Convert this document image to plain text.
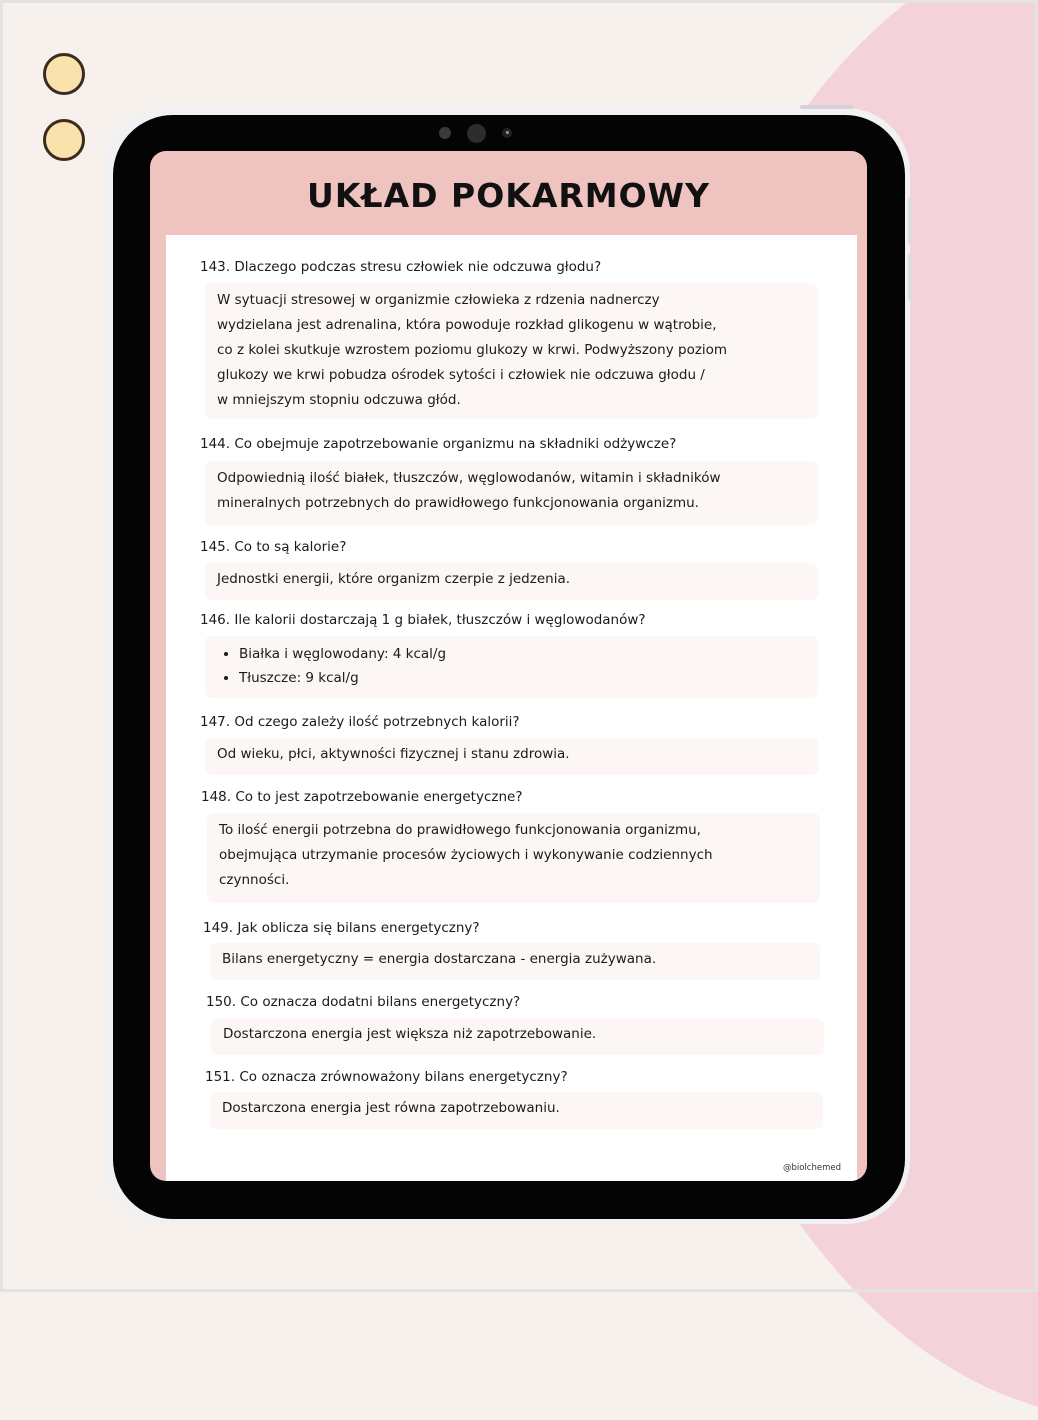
UKŁAD POKARMOWY
143. Dlaczego podczas stresu człowiek nie odczuwa głodu?
W sytuacji stresowej w organizmie człowieka z rdzenia nadnerczy
wydzielana jest adrenalina, która powoduje rozkład glikogenu w wątrobie,
co z kolei skutkuje wzrostem poziomu glukozy w krwi. Podwyższony poziom
glukozy we krwi pobudza ośrodek sytości i człowiek nie odczuwa głodu /
w mniejszym stopniu odczuwa głód.
144. Co obejmuje zapotrzebowanie organizmu na składniki odżywcze?
Odpowiednią ilość białek, tłuszczów, węglowodanów, witamin i składników
mineralnych potrzebnych do prawidłowego funkcjonowania organizmu.
145. Co to są kalorie?
Jednostki energii, które organizm czerpie z jedzenia.
146. Ile kalorii dostarczają 1 g białek, tłuszczów i węglowodanów?
• Białka i węglowodany: 4 kcal/g
• Tłuszcze: 9 kcal/g
147. Od czego zależy ilość potrzebnych kalorii?
Od wieku, płci, aktywności fizycznej i stanu zdrowia.
148. Co to jest zapotrzebowanie energetyczne?
To ilość energii potrzebna do prawidłowego funkcjonowania organizmu,
obejmująca utrzymanie procesów życiowych i wykonywanie codziennych
czynności.
149. Jak oblicza się bilans energetyczny?
Bilans energetyczny = energia dostarczana - energia zużywana.
150. Co oznacza dodatni bilans energetyczny?
Dostarczona energia jest większa niż zapotrzebowanie.
151. Co oznacza zrównoważony bilans energetyczny?
Dostarczona energia jest równa zapotrzebowaniu.
@biolchemed
